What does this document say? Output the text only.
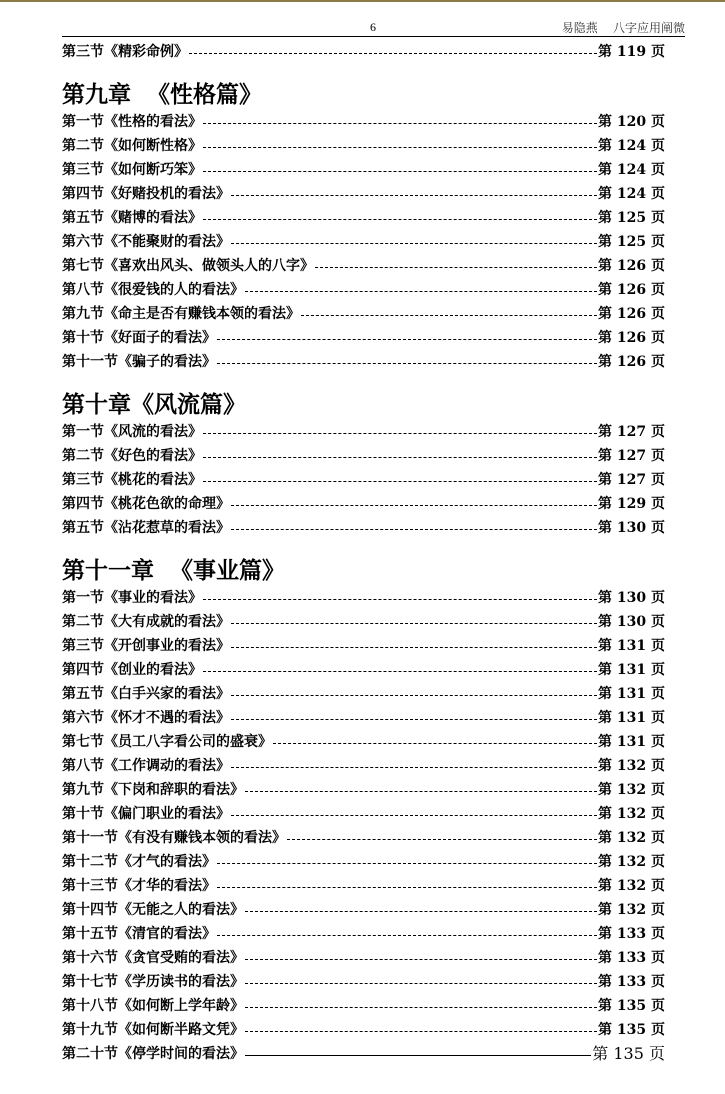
6	易隐燕    八字应用阐微
第三节《精彩命例》	第 119 页
第九章  《性格篇》
第一节《性格的看法》	第 120 页
第二节《如何断性格》	第 124 页
第三节《如何断巧笨》	第 124 页
第四节《好赌投机的看法》	第 124 页
第五节《赌博的看法》	第 125 页
第六节《不能聚财的看法》	第 125 页
第七节《喜欢出风头、做领头人的八字》	第 126 页
第八节《很爱钱的人的看法》	第 126 页
第九节《命主是否有赚钱本领的看法》	第 126 页
第十节《好面子的看法》	第 126 页
第十一节《骗子的看法》	第 126 页
第十章《风流篇》
第一节《风流的看法》	第 127 页
第二节《好色的看法》	第 127 页
第三节《桃花的看法》	第 127 页
第四节《桃花色欲的命理》	第 129 页
第五节《沾花惹草的看法》	第 130 页
第十一章  《事业篇》
第一节《事业的看法》	第 130 页
第二节《大有成就的看法》	第 130 页
第三节《开创事业的看法》	第 131 页
第四节《创业的看法》	第 131 页
第五节《白手兴家的看法》	第 131 页
第六节《怀才不遇的看法》	第 131 页
第七节《员工八字看公司的盛衰》	第 131 页
第八节《工作调动的看法》	第 132 页
第九节《下岗和辞职的看法》	第 132 页
第十节《偏门职业的看法》	第 132 页
第十一节《有没有赚钱本领的看法》	第 132 页
第十二节《才气的看法》	第 132 页
第十三节《才华的看法》	第 132 页
第十四节《无能之人的看法》	第 132 页
第十五节《清官的看法》	第 133 页
第十六节《贪官受贿的看法》	第 133 页
第十七节《学历读书的看法》	第 133 页
第十八节《如何断上学年龄》	第 135 页
第十九节《如何断半路文凭》	第 135 页
第二十节《停学时间的看法》	第 135 页
